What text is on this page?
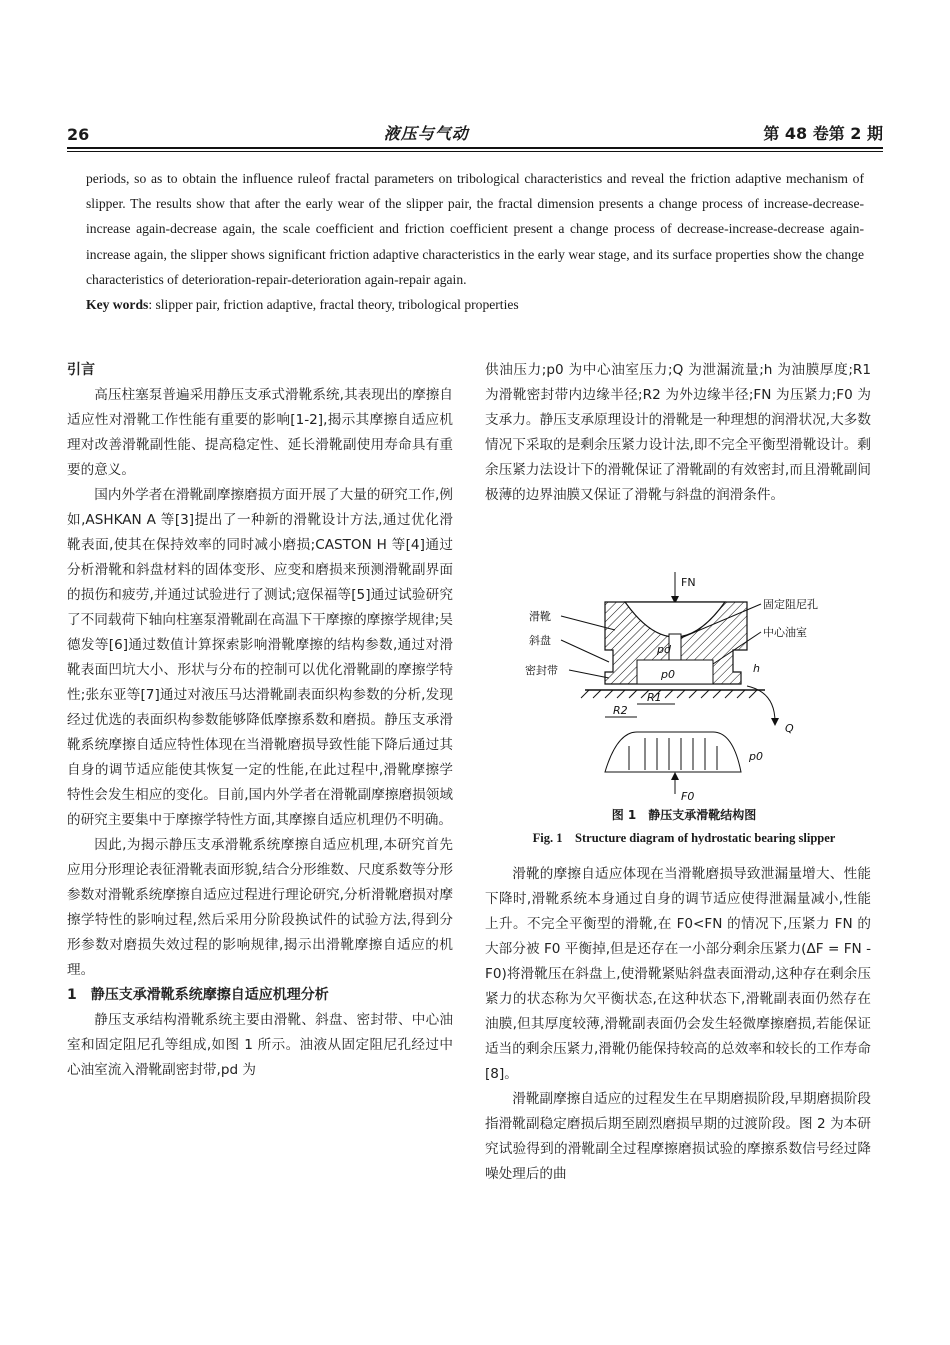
26	液压与气动	第 48 卷第 2 期

periods, so as to obtain the influence ruleof fractal parameters on tribological characteristics and reveal the friction adaptive mechanism of slipper. The results show that after the early wear of the slipper pair, the fractal dimension presents a change process of increase-decrease-increase again-decrease again, the scale coefficient and friction coefficient present a change process of decrease-increase-decrease again-increase again, the slipper shows significant friction adaptive characteristics in the early wear stage, and its surface properties show the change characteristics of deterioration-repair-deterioration again-repair again.

Key words: slipper pair, friction adaptive, fractal theory, tribological properties

引言

高压柱塞泵普遍采用静压支承式滑靴系统,其表现出的摩擦自适应性对滑靴工作性能有重要的影响[1-2],揭示其摩擦自适应机理对改善滑靴副性能、提高稳定性、延长滑靴副使用寿命具有重要的意义。

国内外学者在滑靴副摩擦磨损方面开展了大量的研究工作,例如,ASHKAN A 等[3]提出了一种新的滑靴设计方法,通过优化滑靴表面,使其在保持效率的同时减小磨损;CASTON H 等[4]通过分析滑靴和斜盘材料的固体变形、应变和磨损来预测滑靴副界面的损伤和疲劳,并通过试验进行了测试;寇保福等[5]通过试验研究了不同载荷下轴向柱塞泵滑靴副在高温下干摩擦的摩擦学规律;吴德发等[6]通过数值计算探索影响滑靴摩擦的结构参数,通过对滑靴表面凹坑大小、形状与分布的控制可以优化滑靴副的摩擦学特性;张东亚等[7]通过对液压马达滑靴副表面织构参数的分析,发现经过优选的表面织构参数能够降低摩擦系数和磨损。静压支承滑靴系统摩擦自适应特性体现在当滑靴磨损导致性能下降后通过其自身的调节适应能使其恢复一定的性能,在此过程中,滑靴摩擦学特性会发生相应的变化。目前,国内外学者在滑靴副摩擦磨损领域的研究主要集中于摩擦学特性方面,其摩擦自适应机理仍不明确。

因此,为揭示静压支承滑靴系统摩擦自适应机理,本研究首先应用分形理论表征滑靴表面形貌,结合分形维数、尺度系数等分形参数对滑靴系统摩擦自适应过程进行理论研究,分析滑靴磨损对摩擦学特性的影响过程,然后采用分阶段换试件的试验方法,得到分形参数对磨损失效过程的影响规律,揭示出滑靴摩擦自适应的机理。

1　静压支承滑靴系统摩擦自适应机理分析

静压支承结构滑靴系统主要由滑靴、斜盘、密封带、中心油室和固定阻尼孔等组成,如图 1 所示。油液从固定阻尼孔经过中心油室流入滑靴副密封带,pd 为

供油压力;p0 为中心油室压力;Q 为泄漏流量;h 为油膜厚度;R1 为滑靴密封带内边缘半径;R2 为外边缘半径;FN 为压紧力;F0 为支承力。静压支承原理设计的滑靴是一种理想的润滑状况,大多数情况下采取的是剩余压紧力设计法,即不完全平衡型滑靴设计。剩余压紧力法设计下的滑靴保证了滑靴副的有效密封,而且滑靴副间极薄的边界油膜又保证了滑靴与斜盘的润滑条件。

FN
pd
p0
R1
R2
h
Q
p0
F0
滑靴
斜盘
密封带
固定阻尼孔
中心油室
图 1　静压支承滑靴结构图
Fig. 1　Structure diagram of hydrostatic bearing slipper

滑靴的摩擦自适应体现在当滑靴磨损导致泄漏量增大、性能下降时,滑靴系统本身通过自身的调节适应使得泄漏量减小,性能上升。不完全平衡型的滑靴,在 F0<FN 的情况下,压紧力 FN 的大部分被 F0 平衡掉,但是还存在一小部分剩余压紧力(ΔF = FN - F0)将滑靴压在斜盘上,使滑靴紧贴斜盘表面滑动,这种存在剩余压紧力的状态称为欠平衡状态,在这种状态下,滑靴副表面仍然存在油膜,但其厚度较薄,滑靴副表面仍会发生轻微摩擦磨损,若能保证适当的剩余压紧力,滑靴仍能保持较高的总效率和较长的工作寿命[8]。

滑靴副摩擦自适应的过程发生在早期磨损阶段,早期磨损阶段指滑靴副稳定磨损后期至剧烈磨损早期的过渡阶段。图 2 为本研究试验得到的滑靴副全过程摩擦磨损试验的摩擦系数信号经过降噪处理后的曲
